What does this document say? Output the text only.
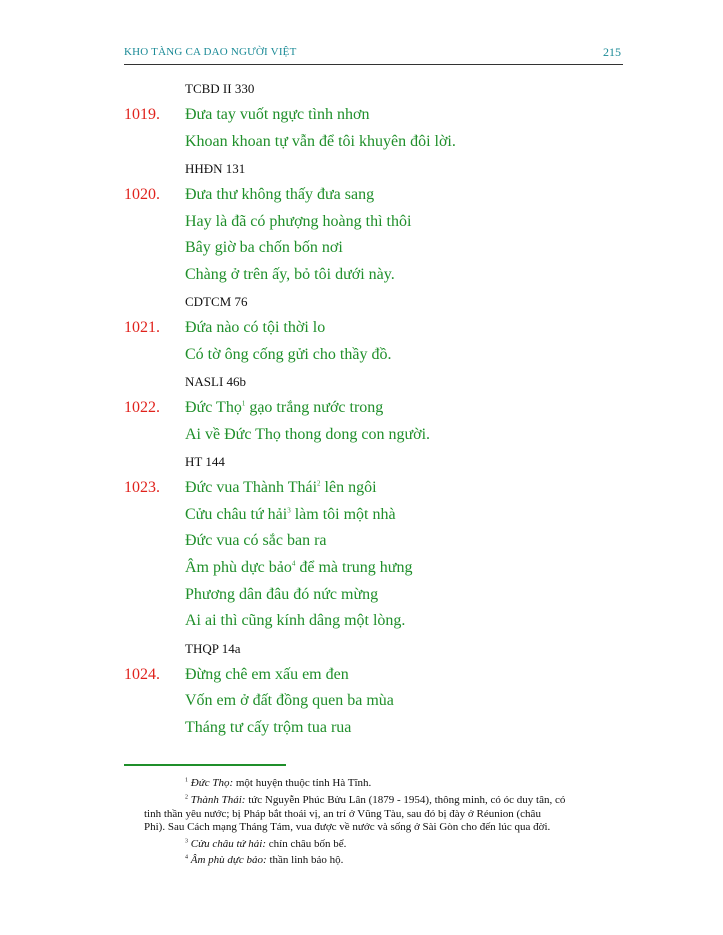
KHO TÀNG CA DAO NGƯỜI VIỆT	215
TCBD II 330
1019. Đưa tay vuốt ngực tình nhơn
Khoan khoan tự vẫn để tôi khuyên đôi lời.
HHĐN 131
1020. Đưa thư không thấy đưa sang
Hay là đã có phượng hoàng thì thôi
Bây giờ ba chốn bốn nơi
Chàng ở trên ấy, bỏ tôi dưới này.
CDTCM 76
1021. Đứa nào có tội thời lo
Có tờ ông cống gửi cho thầy đồ.
NASLI 46b
1022. Đức Thọ$^1$ gạo trắng nước trong
Ai về Đức Thọ thong dong con người.
HT 144
1023. Đức vua Thành Thái$^2$ lên ngôi
Cửu châu tứ hải$^3$ làm tôi một nhà
Đức vua có sắc ban ra
Âm phù dực bảo$^4$ để mà trung hưng
Phương dân đâu đó nức mừng
Ai ai thì cũng kính dâng một lòng.
THQP 14a
1024. Đừng chê em xấu em đen
Vốn em ở đất đồng quen ba mùa
Tháng tư cấy trộm tua rua
$^1$ Đức Thọ: một huyện thuộc tỉnh Hà Tĩnh.
$^2$ Thành Thái: tức Nguyễn Phúc Bửu Lân (1879 - 1954), thông minh, có óc duy tân, có
tinh thần yêu nước; bị Pháp bắt thoái vị, an trí ở Vũng Tàu, sau đó bị đày ở Réunion (châu
Phi). Sau Cách mạng Tháng Tám, vua được về nước và sống ở Sài Gòn cho đến lúc qua đời.
$^3$ Cửu châu tứ hải: chín châu bốn bể.
$^4$ Âm phù dực bảo: thần linh bảo hộ.
